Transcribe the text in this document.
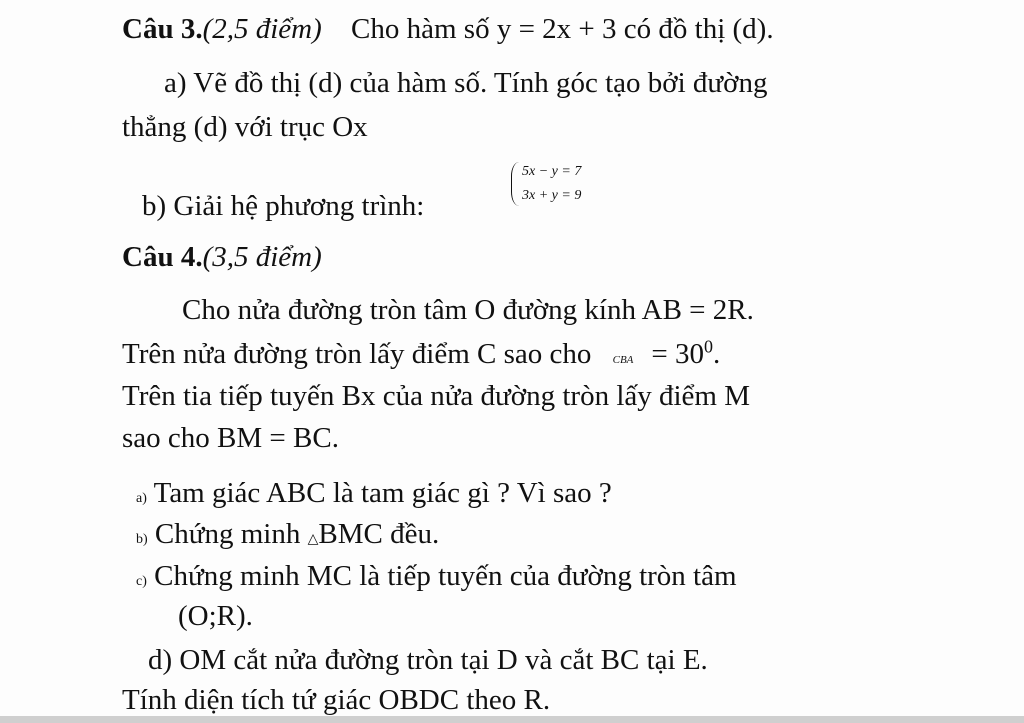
Câu 3.(2,5 điểm) Cho hàm số y = 2x + 3 có đồ thị (d).
a) Vẽ đồ thị (d) của hàm số. Tính góc tạo bởi đường
thẳng (d) với trục Ox
b) Giải hệ phương trình:
5x − y = 7
3x + y = 9
Câu 4.(3,5 điểm)
Cho nửa đường tròn tâm O đường kính AB = 2R.
Trên nửa đường tròn lấy điểm C sao cho CBA = $30^0$.
Trên tia tiếp tuyến Bx của nửa đường tròn lấy điểm M
sao cho BM = BC.
a) Tam giác ABC là tam giác gì ? Vì sao ?
b) Chứng minh △BMC đều.
c) Chứng minh MC là tiếp tuyến của đường tròn tâm
(O;R).
d) OM cắt nửa đường tròn tại D và cắt BC tại E.
Tính diện tích tứ giác OBDC theo R.
